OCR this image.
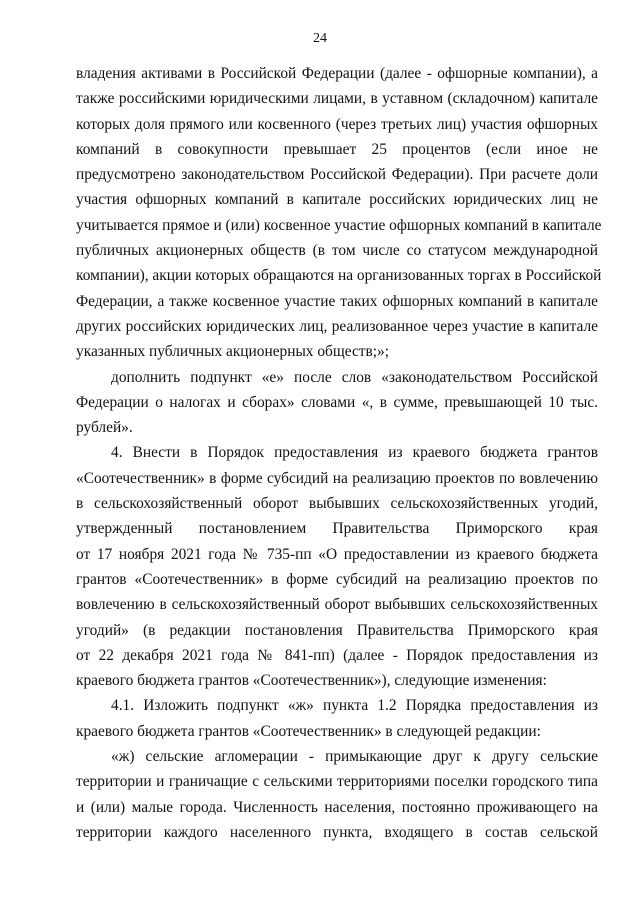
24
владения активами в Российской Федерации (далее - офшорные компании), а
также российскими юридическими лицами, в уставном (складочном) капитале
которых доля прямого или косвенного (через третьих лиц) участия офшорных
компаний в совокупности превышает 25 процентов (если иное не
предусмотрено законодательством Российской Федерации). При расчете доли
участия офшорных компаний в капитале российских юридических лиц не
учитывается прямое и (или) косвенное участие офшорных компаний в капитале
публичных акционерных обществ (в том числе со статусом международной
компании), акции которых обращаются на организованных торгах в Российской
Федерации, а также косвенное участие таких офшорных компаний в капитале
других российских юридических лиц, реализованное через участие в капитале
указанных публичных акционерных обществ;»;
дополнить подпункт «е» после слов «законодательством Российской
Федерации о налогах и сборах» словами «, в сумме, превышающей 10 тыс.
рублей».
4. Внести в Порядок предоставления из краевого бюджета грантов
«Соотечественник» в форме субсидий на реализацию проектов по вовлечению
в сельскохозяйственный оборот выбывших сельскохозяйственных угодий,
утвержденный постановлением Правительства Приморского края
от 17 ноября 2021 года № 735-пп «О предоставлении из краевого бюджета
грантов «Соотечественник» в форме субсидий на реализацию проектов по
вовлечению в сельскохозяйственный оборот выбывших сельскохозяйственных
угодий» (в редакции постановления Правительства Приморского края
от 22 декабря 2021 года № 841-пп) (далее - Порядок предоставления из
краевого бюджета грантов «Соотечественник»), следующие изменения:
4.1. Изложить подпункт «ж» пункта 1.2 Порядка предоставления из
краевого бюджета грантов «Соотечественник» в следующей редакции:
«ж) сельские агломерации - примыкающие друг к другу сельские
территории и граничащие с сельскими территориями поселки городского типа
и (или) малые города. Численность населения, постоянно проживающего на
территории каждого населенного пункта, входящего в состав сельской
